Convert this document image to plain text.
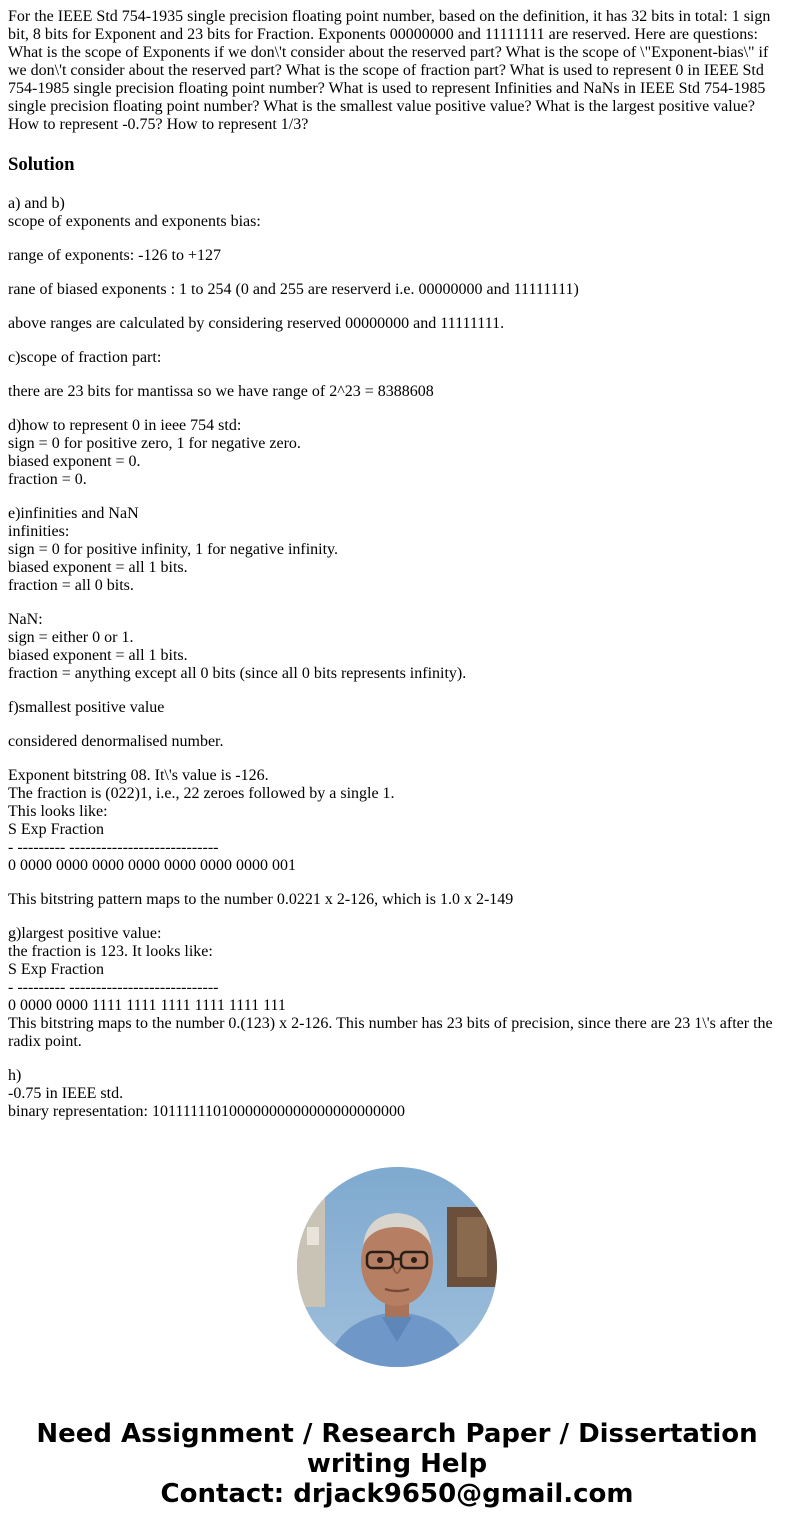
For the IEEE Std 754-1935 single precision floating point number, based on the definition, it has 32 bits in total: 1 sign bit, 8 bits for Exponent and 23 bits for Fraction. Exponents 00000000 and 11111111 are reserved. Here are questions: What is the scope of Exponents if we don\'t consider about the reserved part? What is the scope of \"Exponent-bias\" if we don\'t consider about the reserved part? What is the scope of fraction part? What is used to represent 0 in IEEE Std 754-1985 single precision floating point number? What is used to represent Infinities and NaNs in IEEE Std 754-1985 single precision floating point number? What is the smallest value positive value? What is the largest positive value? How to represent -0.75? How to represent 1/3?

Solution
a) and b)
scope of exponents and exponents bias:
range of exponents: -126 to +127
rane of biased exponents : 1 to 254 (0 and 255 are reserverd i.e. 00000000 and 11111111)
above ranges are calculated by considering reserved 00000000 and 11111111.
c)scope of fraction part:
there are 23 bits for mantissa so we have range of 2^23 = 8388608
d)how to represent 0 in ieee 754 std:
sign = 0 for positive zero, 1 for negative zero.
biased exponent = 0.
fraction = 0.
e)infinities and NaN
infinities:
sign = 0 for positive infinity, 1 for negative infinity.
biased exponent = all 1 bits.
fraction = all 0 bits.
NaN:
sign = either 0 or 1.
biased exponent = all 1 bits.
fraction = anything except all 0 bits (since all 0 bits represents infinity).
f)smallest positive value
considered denormalised number.
Exponent bitstring 08. It\'s value is -126.
The fraction is (022)1, i.e., 22 zeroes followed by a single 1.
This looks like:
S Exp Fraction
- --------- ----------------------------
0 0000 0000 0000 0000 0000 0000 0000 001
This bitstring pattern maps to the number 0.0221 x 2-126, which is 1.0 x 2-149
g)largest positive value:
the fraction is 123. It looks like:
S Exp Fraction
- --------- ----------------------------
0 0000 0000 1111 1111 1111 1111 1111 111
This bitstring maps to the number 0.(123) x 2-126. This number has 23 bits of precision, since there are 23 1\'s after the radix point.
h)
-0.75 in IEEE std.
binary representation: 10111111010000000000000000000000
Need Assignment / Research Paper / Dissertation
writing Help
Contact: drjack9650@gmail.com
